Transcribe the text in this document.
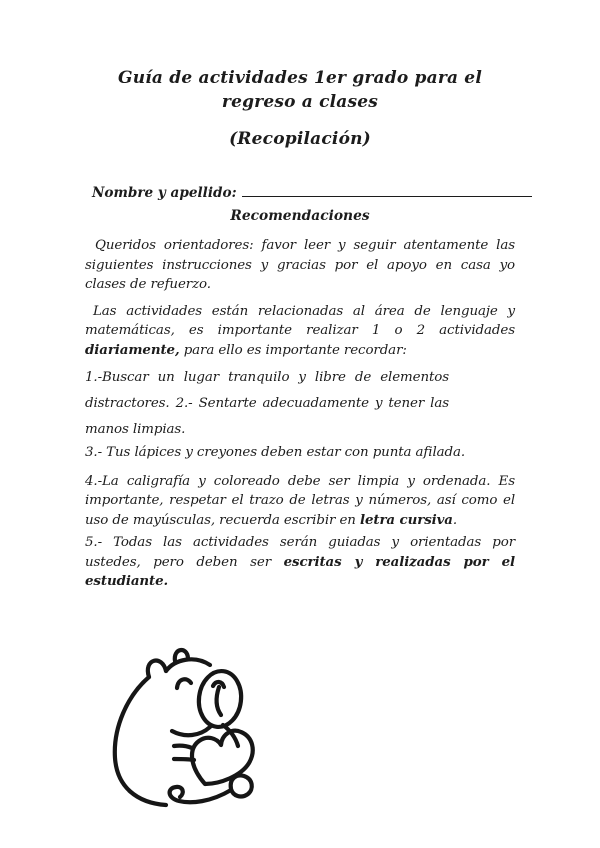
Guía de actividades 1er grado para el regreso a clases
(Recopilación)
Nombre y apellido:
Recomendaciones

Queridos orientadores: favor leer y seguir atentamente las siguientes instrucciones y gracias por el apoyo en casa yo clases de refuerzo.

Las actividades están relacionadas al área de lenguaje y matemáticas, es importante realizar 1 o 2 actividades diariamente, para ello es importante recordar:

1.-Buscar un lugar tranquilo y libre de elementos distractores. 2.- Sentarte adecuadamente y tener las manos limpias.

3.- Tus lápices y creyones deben estar con punta afilada.

4.-La caligrafía y coloreado debe ser limpia y ordenada. Es importante, respetar el trazo de letras y números, así como el uso de mayúsculas, recuerda escribir en letra cursiva.

5.- Todas las actividades serán guiadas y orientadas por ustedes, pero deben ser escritas y realizadas por el estudiante.
